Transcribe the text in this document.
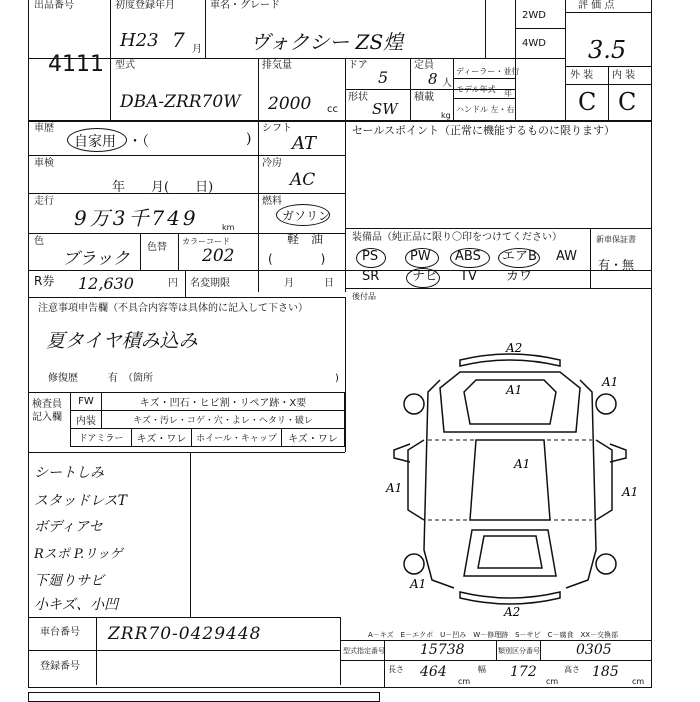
出品番号
4111
初度登録年月
H23 7 月
車名・グレード
ヴォクシー ZS煌
2WD
4WD
評 価 点
3.5
型式
DBA-ZRR70W
排気量
2000 cc
ドア
5
定員
8 人
ディーラー・並行
モデル年式 年
形状
SW
積載
kg
ハンドル 左・右
外 装 内 装
C C
車歴
自家用 ・（	)
シフト
AT
セールスポイント（正常に機能するものに限ります）
車検
年　　月(　　日)
冷房
AC
走行
9万3千749	km
燃料
ガソリン
軽　油
(　　　　)
色
ブラック
色替
カラーコード
202
装備品（純正品に限り〇印をつけてください）	新車保証書
PS PW ABS エアB AW
SR	ナビ TV カワ
有・無
後付品
R券 12,630	円 名変期限	月	日
注意事項申告欄（不具合内容等は具体的に記入して下さい）
夏タイヤ積み込み
修復歴	有　（箇所	)
検査員記入欄
FW	キズ・凹石・ヒビ割・リペア跡・X要
内装	キズ・汚レ・コゲ・穴・よレ・ヘタリ・破レ
ドアミラー	キズ・ワレ	ホイール・キャップ	キズ・ワレ
シートしみ
スタッドレスT
ボディアセ
Rスポ P.リッゲ
下廻りサビ
小キズ、小凹
A2
A1
A1
A1
A1	A1
A1
A2
車台番号 ZRR70-0429448
登録番号
A－キズ　E－エクボ　U－凹み　W－修理跡　S－サビ　C－腐食　XX－交換部
型式指定番号	15738	類別区分番号	0305
長さ 464
cm
幅 172
cm
高さ 185
cm
